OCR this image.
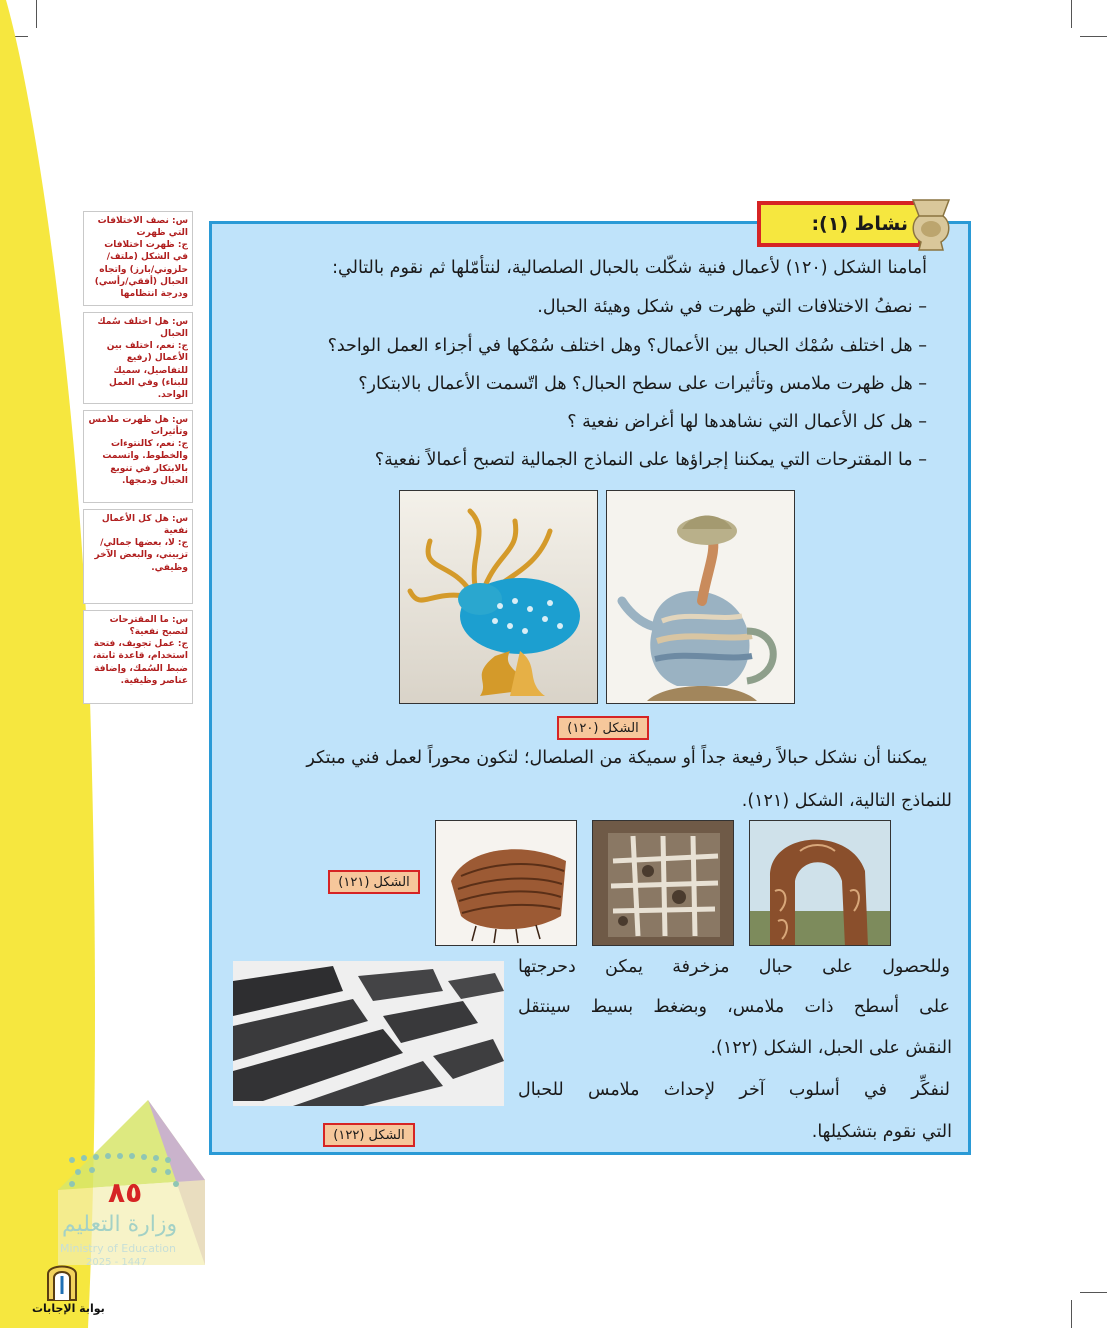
س: نصف الاختلافات التي ظهرت
ج: ظهرت اختلافات في الشكل (ملتف/حلزوني/بارز) واتجاه الحبال (أفقي/رأسي) ودرجة انتظامها
س: هل اختلف سُمك الحبال
ج: نعم، اختلف بين الأعمال (رفيع للتفاصيل، سميك للبناء) وفي العمل الواحد.
س: هل ظهرت ملامس وتأثيرات
ج: نعم، كالنتوءات والخطوط. واتسمت بالابتكار في تنويع الحبال ودمجها.
س: هل كل الأعمال نفعية
ج: لا، بعضها جمالي/ تزييني، والبعض الآخر وظيفي.
س: ما المقترحات لتصبح نفعية؟
ج: عمل تجويف، فتحة استخدام، قاعدة ثابتة، ضبط السُمك، وإضافة عناصر وظيفية.
نشاط (١):
أمامنا الشكل (١٢٠) لأعمال فنية شكّلت بالحبال الصلصالية، لنتأمّلها ثم نقوم بالتالي:
– نصفُ الاختلافات التي ظهرت في شكل وهيئة الحبال.
– هل اختلف سُمْك الحبال بين الأعمال؟ وهل اختلف سُمْكها في أجزاء العمل الواحد؟
– هل ظهرت ملامس وتأثيرات على سطح الحبال؟ هل اتّسمت الأعمال بالابتكار؟
– هل كل الأعمال التي نشاهدها لها أغراض نفعية ؟
– ما المقترحات التي يمكننا إجراؤها على النماذج الجمالية لتصبح أعمالاً نفعية؟
الشكل (١٢٠)
يمكننا أن نشكل حبالاً رفيعة جداً أو سميكة من الصلصال؛ لتكون محوراً لعمل فني مبتكر
للنماذج التالية، الشكل (١٢١).
الشكل (١٢١)
وللحصول على حبال مزخرفة يمكن دحرجتها
على أسطح ذات ملامس، وبضغط بسيط سينتقل
النقش على الحبل، الشكل (١٢٢).
لنفكِّر في أسلوب آخر لإحداث ملامس للحبال
التي نقوم بتشكيلها.
الشكل (١٢٢)
٨٥
وزارة التعليم
Ministry of Education
2025 - 1447
بوابة الإجابات
